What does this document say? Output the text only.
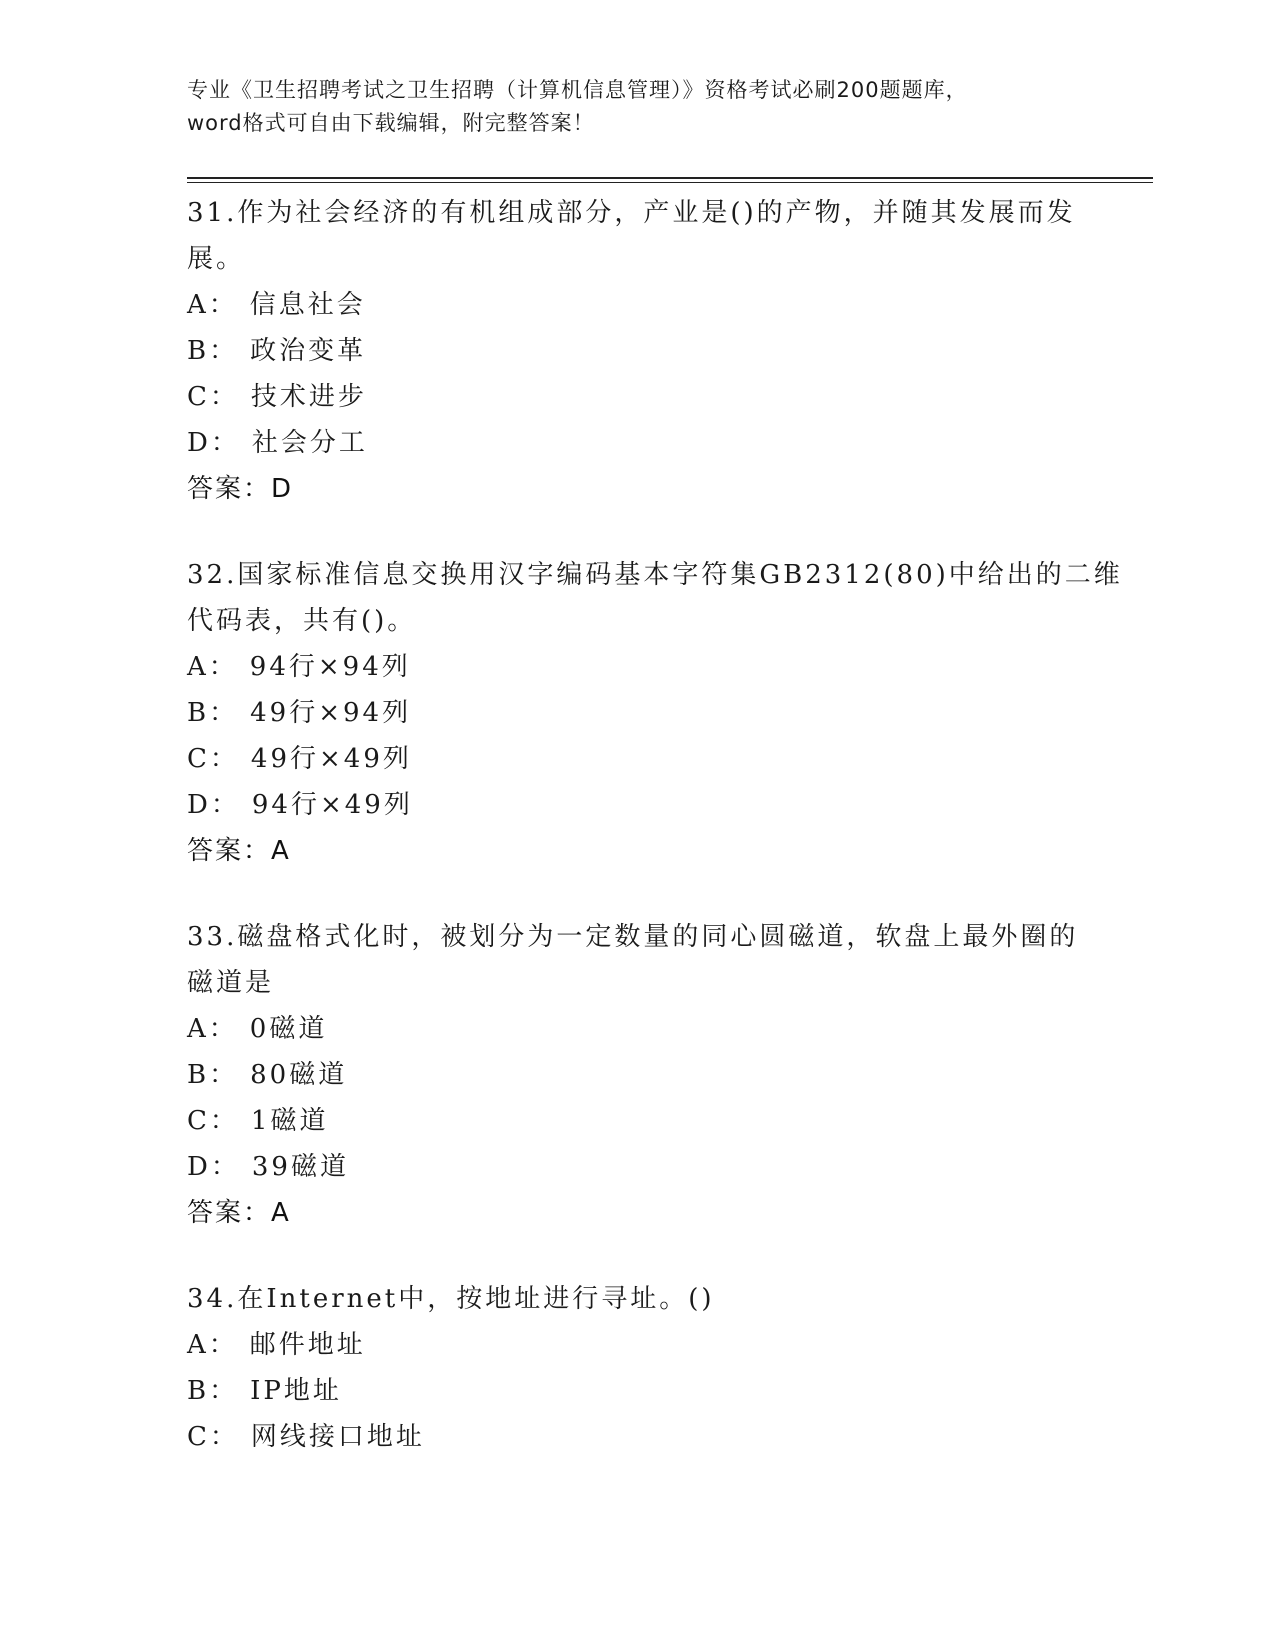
专业《卫生招聘考试之卫生招聘（计算机信息管理）》资格考试必刷200题题库，
word格式可自由下载编辑，附完整答案！
31.作为社会经济的有机组成部分，产业是()的产物，并随其发展而发
展。
A： 信息社会
B： 政治变革
C： 技术进步
D： 社会分工
答案：D
32.国家标准信息交换用汉字编码基本字符集GB2312(80)中给出的二维
代码表，共有()。
A： 94行×94列
B： 49行×94列
C： 49行×49列
D： 94行×49列
答案：A
33.磁盘格式化时，被划分为一定数量的同心圆磁道，软盘上最外圈的
磁道是
A： 0磁道
B： 80磁道
C： 1磁道
D： 39磁道
答案：A
34.在Internet中，按地址进行寻址。()
A： 邮件地址
B： IP地址
C： 网线接口地址
